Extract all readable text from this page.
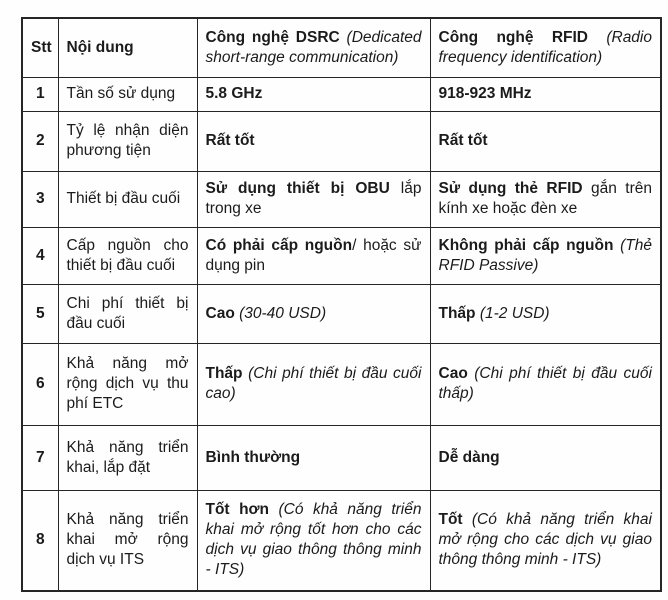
Stt	Nội dung	Công nghệ DSRC (Dedicated short-range communication)	Công nghệ RFID (Radio frequency identification)
1	Tần số sử dụng	5.8 GHz	918-923 MHz
2	Tỷ lệ nhận diện phương tiện	Rất tốt	Rất tốt
3	Thiết bị đầu cuối	Sử dụng thiết bị OBU lắp trong xe	Sử dụng thẻ RFID gắn trên kính xe hoặc đèn xe
4	Cấp nguồn cho thiết bị đầu cuối	Có phải cấp nguồn/ hoặc sử dụng pin	Không phải cấp nguồn (Thẻ RFID Passive)
5	Chi phí thiết bị đầu cuối	Cao (30-40 USD)	Thấp (1-2 USD)
6	Khả năng mở rộng dịch vụ thu phí ETC	Thấp (Chi phí thiết bị đầu cuối cao)	Cao (Chi phí thiết bị đầu cuối thấp)
7	Khả năng triển khai, lắp đặt	Bình thường	Dễ dàng
8	Khả năng triển khai mở rộng dịch vụ ITS	Tốt hơn (Có khả năng triển khai mở rộng tốt hơn cho các dịch vụ giao thông thông minh - ITS)	Tốt (Có khả năng triển khai mở rộng cho các dịch vụ giao thông thông minh - ITS)
